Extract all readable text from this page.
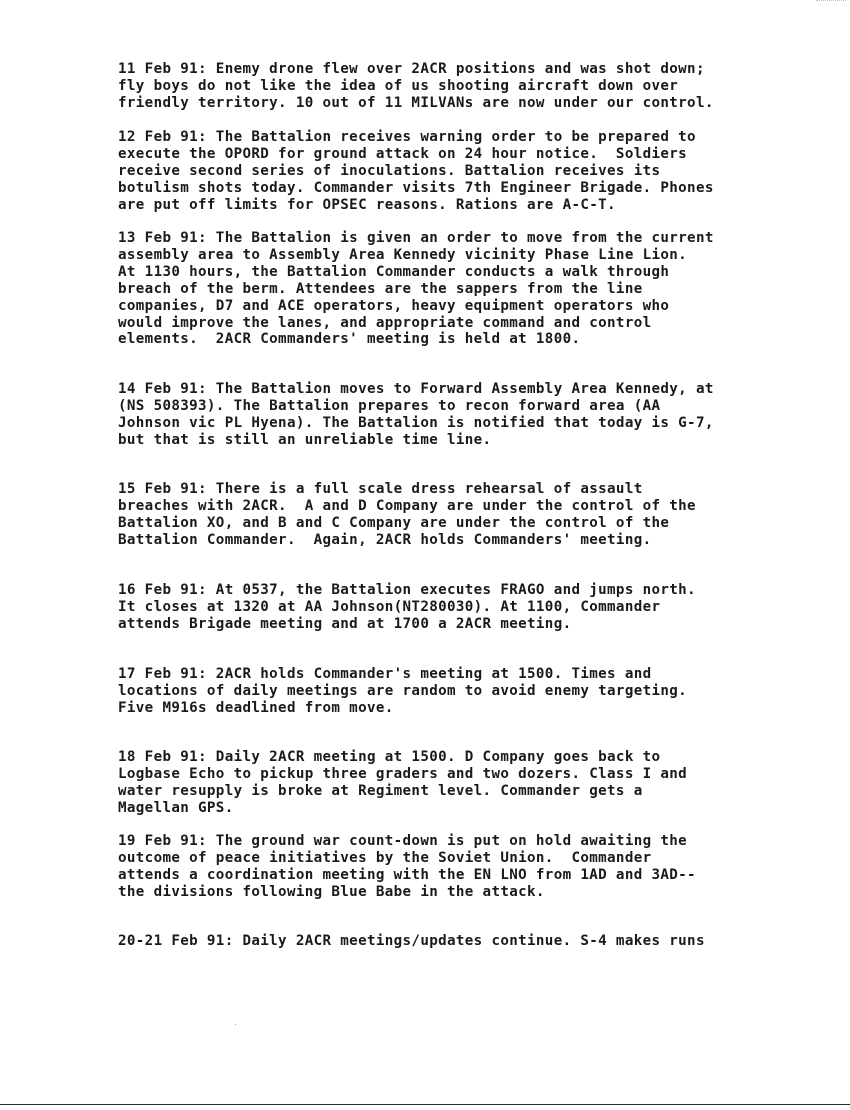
11 Feb 91: Enemy drone flew over 2ACR positions and was shot down;
fly boys do not like the idea of us shooting aircraft down over
friendly territory. 10 out of 11 MILVANs are now under our control.

12 Feb 91: The Battalion receives warning order to be prepared to
execute the OPORD for ground attack on 24 hour notice.  Soldiers
receive second series of inoculations. Battalion receives its
botulism shots today. Commander visits 7th Engineer Brigade. Phones
are put off limits for OPSEC reasons. Rations are A-C-T.

13 Feb 91: The Battalion is given an order to move from the current
assembly area to Assembly Area Kennedy vicinity Phase Line Lion.
At 1130 hours, the Battalion Commander conducts a walk through
breach of the berm. Attendees are the sappers from the line
companies, D7 and ACE operators, heavy equipment operators who
would improve the lanes, and appropriate command and control
elements.  2ACR Commanders' meeting is held at 1800.

14 Feb 91: The Battalion moves to Forward Assembly Area Kennedy, at
(NS 508393). The Battalion prepares to recon forward area (AA
Johnson vic PL Hyena). The Battalion is notified that today is G-7,
but that is still an unreliable time line.

15 Feb 91: There is a full scale dress rehearsal of assault
breaches with 2ACR.  A and D Company are under the control of the
Battalion XO, and B and C Company are under the control of the
Battalion Commander.  Again, 2ACR holds Commanders' meeting.

16 Feb 91: At 0537, the Battalion executes FRAGO and jumps north.
It closes at 1320 at AA Johnson(NT280030). At 1100, Commander
attends Brigade meeting and at 1700 a 2ACR meeting.

17 Feb 91: 2ACR holds Commander's meeting at 1500. Times and
locations of daily meetings are random to avoid enemy targeting.
Five M916s deadlined from move.

18 Feb 91: Daily 2ACR meeting at 1500. D Company goes back to
Logbase Echo to pickup three graders and two dozers. Class I and
water resupply is broke at Regiment level. Commander gets a
Magellan GPS.

19 Feb 91: The ground war count-down is put on hold awaiting the
outcome of peace initiatives by the Soviet Union.  Commander
attends a coordination meeting with the EN LNO from 1AD and 3AD--
the divisions following Blue Babe in the attack.

20-21 Feb 91: Daily 2ACR meetings/updates continue. S-4 makes runs
